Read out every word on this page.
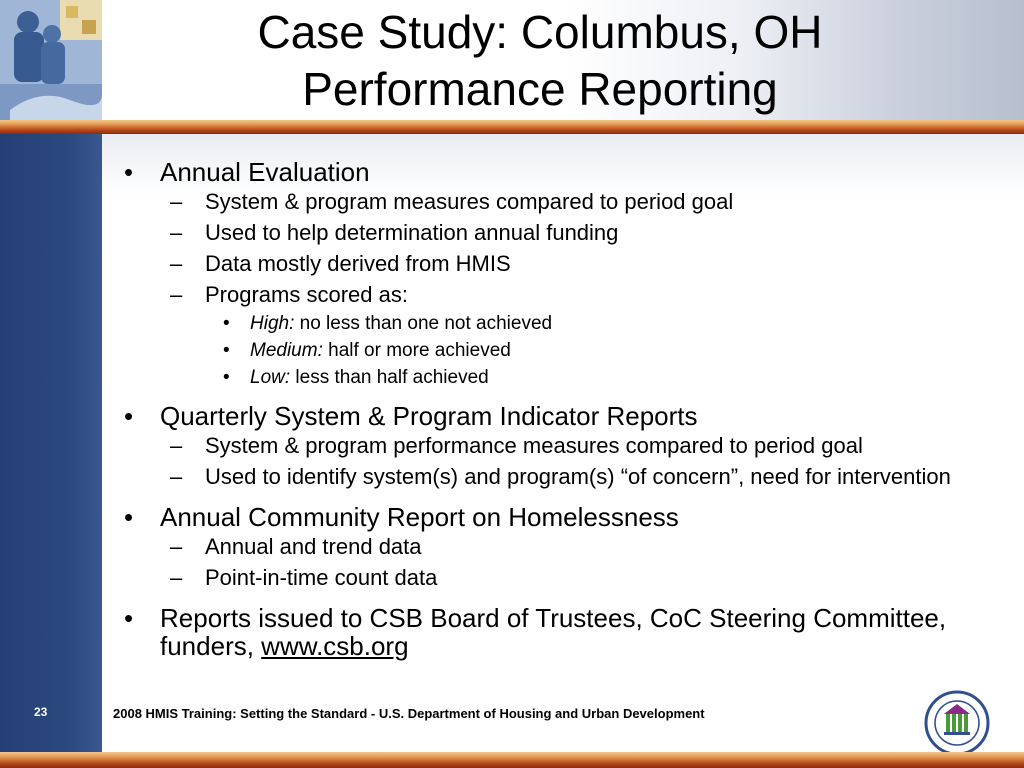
Case Study: Columbus, OH
Performance Reporting
• Annual Evaluation
– System & program measures compared to period goal
– Used to help determination annual funding
– Data mostly derived from HMIS
– Programs scored as:
• High: no less than one not achieved
• Medium: half or more achieved
• Low: less than half achieved
• Quarterly System & Program Indicator Reports
– System & program performance measures compared to period goal
– Used to identify system(s) and program(s) “of concern”, need for intervention
• Annual Community Report on Homelessness
– Annual and trend data
– Point-in-time count data
• Reports issued to CSB Board of Trustees, CoC Steering Committee, funders, www.csb.org
23	2008 HMIS Training: Setting the Standard - U.S. Department of Housing and Urban Development
